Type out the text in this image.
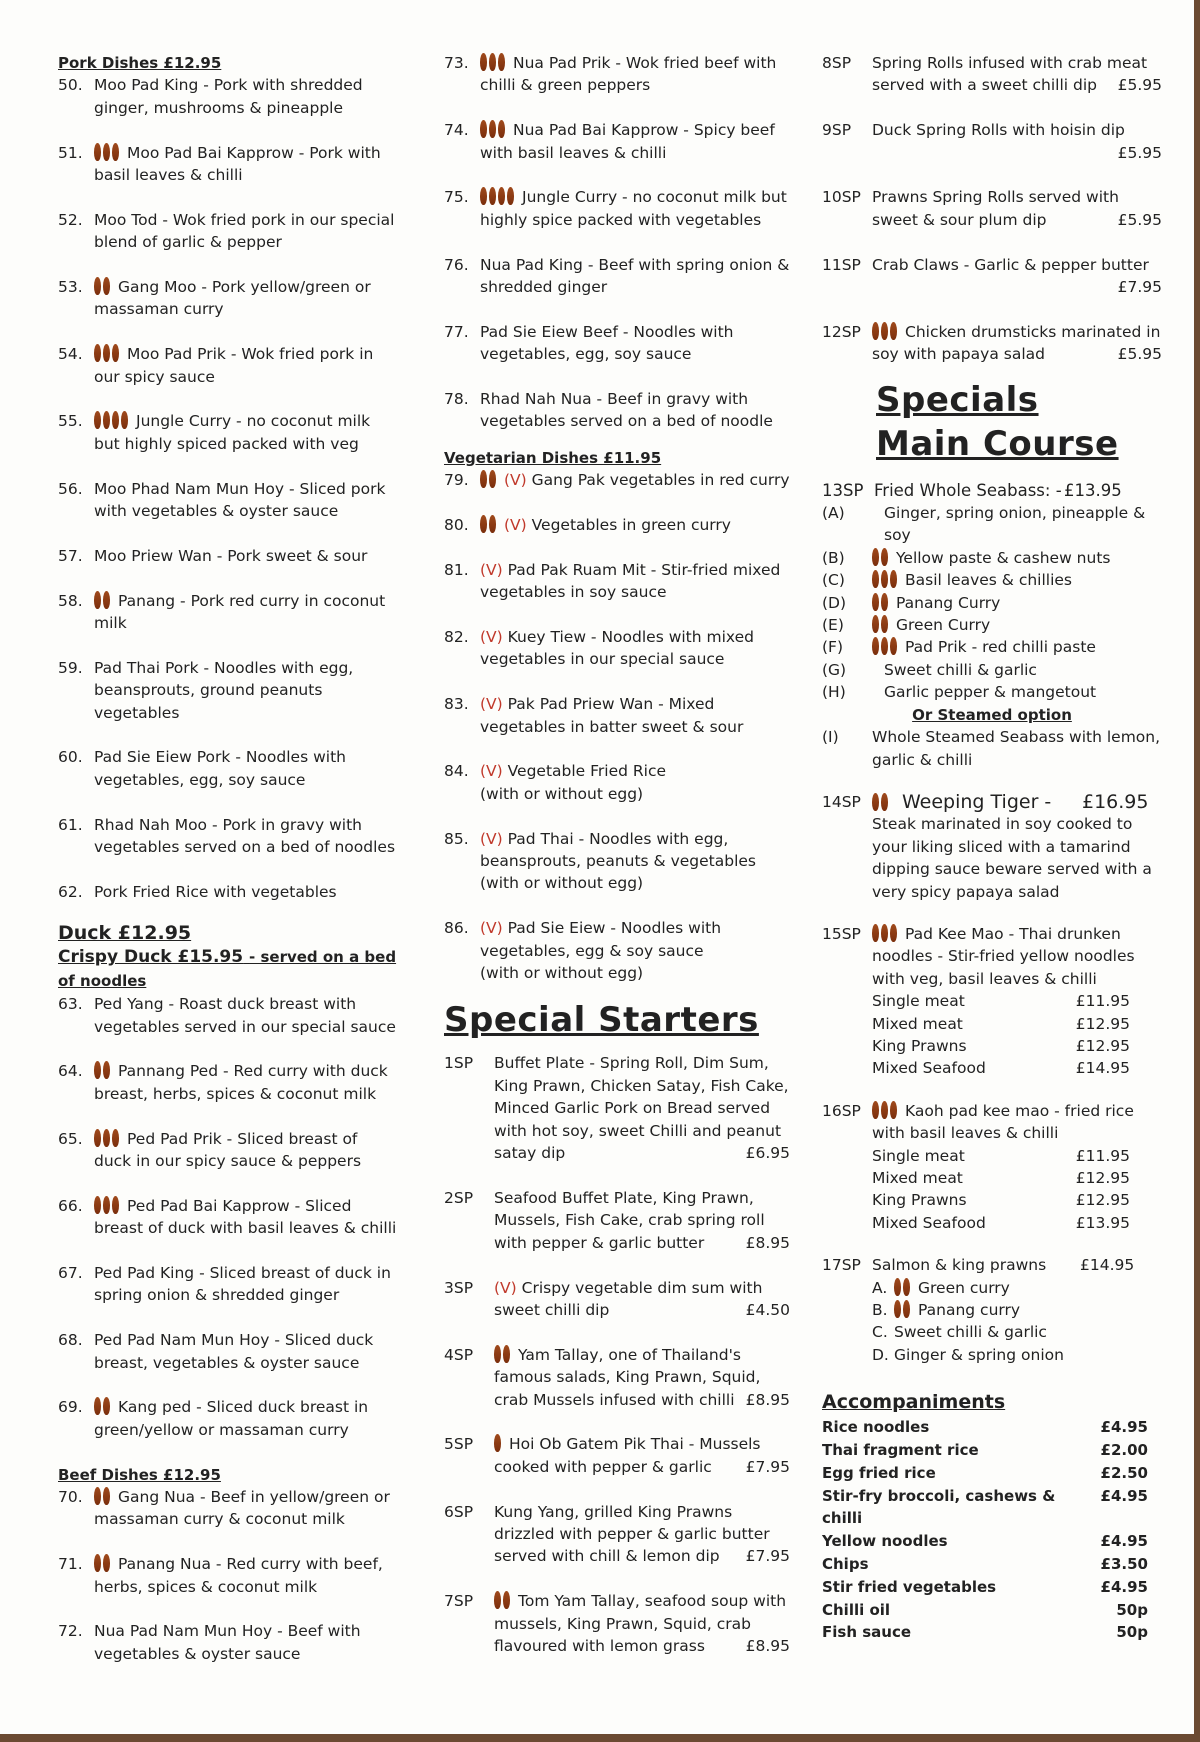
Pork Dishes £12.95
50. Moo Pad King - Pork with shredded ginger, mushrooms & pineapple
51.	Moo Pad Bai Kapprow - Pork with basil leaves & chilli
52. Moo Tod - Wok fried pork in our special blend of garlic & pepper
53.	Gang Moo - Pork yellow/green or massaman curry
54.	Moo Pad Prik - Wok fried pork in our spicy sauce
55.	Jungle Curry - no coconut milk but highly spiced packed with veg
56. Moo Phad Nam Mun Hoy - Sliced pork with vegetables & oyster sauce
57. Moo Priew Wan - Pork sweet & sour
58.	Panang - Pork red curry in coconut milk
59. Pad Thai Pork - Noodles with egg, beansprouts, ground peanuts vegetables
60. Pad Sie Eiew Pork - Noodles with vegetables, egg, soy sauce
61. Rhad Nah Moo - Pork in gravy with vegetables served on a bed of noodles
62. Pork Fried Rice with vegetables
Duck £12.95
Crispy Duck £15.95 - served on a bed of noodles
63. Ped Yang - Roast duck breast with vegetables served in our special sauce
64.	Pannang Ped - Red curry with duck breast, herbs, spices & coconut milk
65.	Ped Pad Prik - Sliced breast of duck in our spicy sauce & peppers
66.	Ped Pad Bai Kapprow - Sliced breast of duck with basil leaves & chilli
67. Ped Pad King - Sliced breast of duck in spring onion & shredded ginger
68. Ped Pad Nam Mun Hoy - Sliced duck breast, vegetables & oyster sauce
69.	Kang ped - Sliced duck breast in green/yellow or massaman curry
Beef Dishes £12.95
70.	Gang Nua - Beef in yellow/green or massaman curry & coconut milk
71.	Panang Nua - Red curry with beef, herbs, spices & coconut milk
72. Nua Pad Nam Mun Hoy - Beef with vegetables & oyster sauce
73.	Nua Pad Prik - Wok fried beef with chilli & green peppers
74.	Nua Pad Bai Kapprow - Spicy beef with basil leaves & chilli
75.	Jungle Curry - no coconut milk but highly spice packed with vegetables
76. Nua Pad King - Beef with spring onion & shredded ginger
77. Pad Sie Eiew Beef - Noodles with vegetables, egg, soy sauce
78. Rhad Nah Nua - Beef in gravy with vegetables served on a bed of noodle
Vegetarian Dishes £11.95
79.	(V) Gang Pak vegetables in red curry
80.	(V) Vegetables in green curry
81. (V) Pad Pak Ruam Mit - Stir-fried mixed vegetables in soy sauce
82. (V) Kuey Tiew - Noodles with mixed vegetables in our special sauce
83. (V) Pak Pad Priew Wan - Mixed vegetables in batter sweet & sour
84. (V) Vegetable Fried Rice
(with or without egg)
85. (V) Pad Thai - Noodles with egg, beansprouts, peanuts & vegetables
(with or without egg)
86. (V) Pad Sie Eiew - Noodles with vegetables, egg & soy sauce
(with or without egg)
Special Starters
1SP	Buffet Plate - Spring Roll, Dim Sum, King Prawn, Chicken Satay, Fish Cake, Minced Garlic Pork on Bread served with hot soy, sweet Chilli and peanut satay dip	£6.95
2SP	Seafood Buffet Plate, King Prawn, Mussels, Fish Cake, crab spring roll with pepper & garlic butter	£8.95
3SP	(V) Crispy vegetable dim sum with sweet chilli dip	£4.50
4SP	Yam Tallay, one of Thailand's famous salads, King Prawn, Squid, crab Mussels infused with chilli £8.95
5SP	Hoi Ob Gatem Pik Thai - Mussels cooked with pepper & garlic £7.95
6SP	Kung Yang, grilled King Prawns drizzled with pepper & garlic butter served with chill & lemon dip £7.95
7SP	Tom Yam Tallay, seafood soup with mussels, King Prawn, Squid, crab flavoured with lemon grass	£8.95
8SP	Spring Rolls infused with crab meat served with a sweet chilli dip £5.95
9SP	Duck Spring Rolls with hoisin dip
£5.95
10SP Prawns Spring Rolls served with sweet & sour plum dip	£5.95
11SP Crab Claws - Garlic & pepper butter
£7.95
12SP	Chicken drumsticks marinated in soy with papaya salad	£5.95
Specials
Main Course
13SP Fried Whole Seabass: - £13.95
(A)	Ginger, spring onion, pineapple & soy
(B)	Yellow paste & cashew nuts
(C)	Basil leaves & chillies
(D)	Panang Curry
(E)	Green Curry
(F)	Pad Prik - red chilli paste
(G)	Sweet chilli & garlic
(H)	Garlic pepper & mangetout
Or Steamed option
(I)	Whole Steamed Seabass with lemon, garlic & chilli
14SP	Weeping Tiger -	£16.95
Steak marinated in soy cooked to your liking sliced with a tamarind dipping sauce beware served with a very spicy papaya salad
15SP	Pad Kee Mao - Thai drunken noodles - Stir-fried yellow noodles with veg, basil leaves & chilli
Single meat	£11.95
Mixed meat	£12.95
King Prawns	£12.95
Mixed Seafood	£14.95
16SP	Kaoh pad kee mao - fried rice with basil leaves & chilli
Single meat	£11.95
Mixed meat	£12.95
King Prawns	£12.95
Mixed Seafood	£13.95
17SP Salmon & king prawns	£14.95
A.	Green curry
B.	Panang curry
C. Sweet chilli & garlic
D. Ginger & spring onion
Accompaniments
Rice noodles	£4.95
Thai fragment rice	£2.00
Egg fried rice	£2.50
Stir-fry broccoli, cashews & chilli
£4.95
Yellow noodles	£4.95
Chips	£3.50
Stir fried vegetables	£4.95
Chilli oil	50p
Fish sauce	50p
